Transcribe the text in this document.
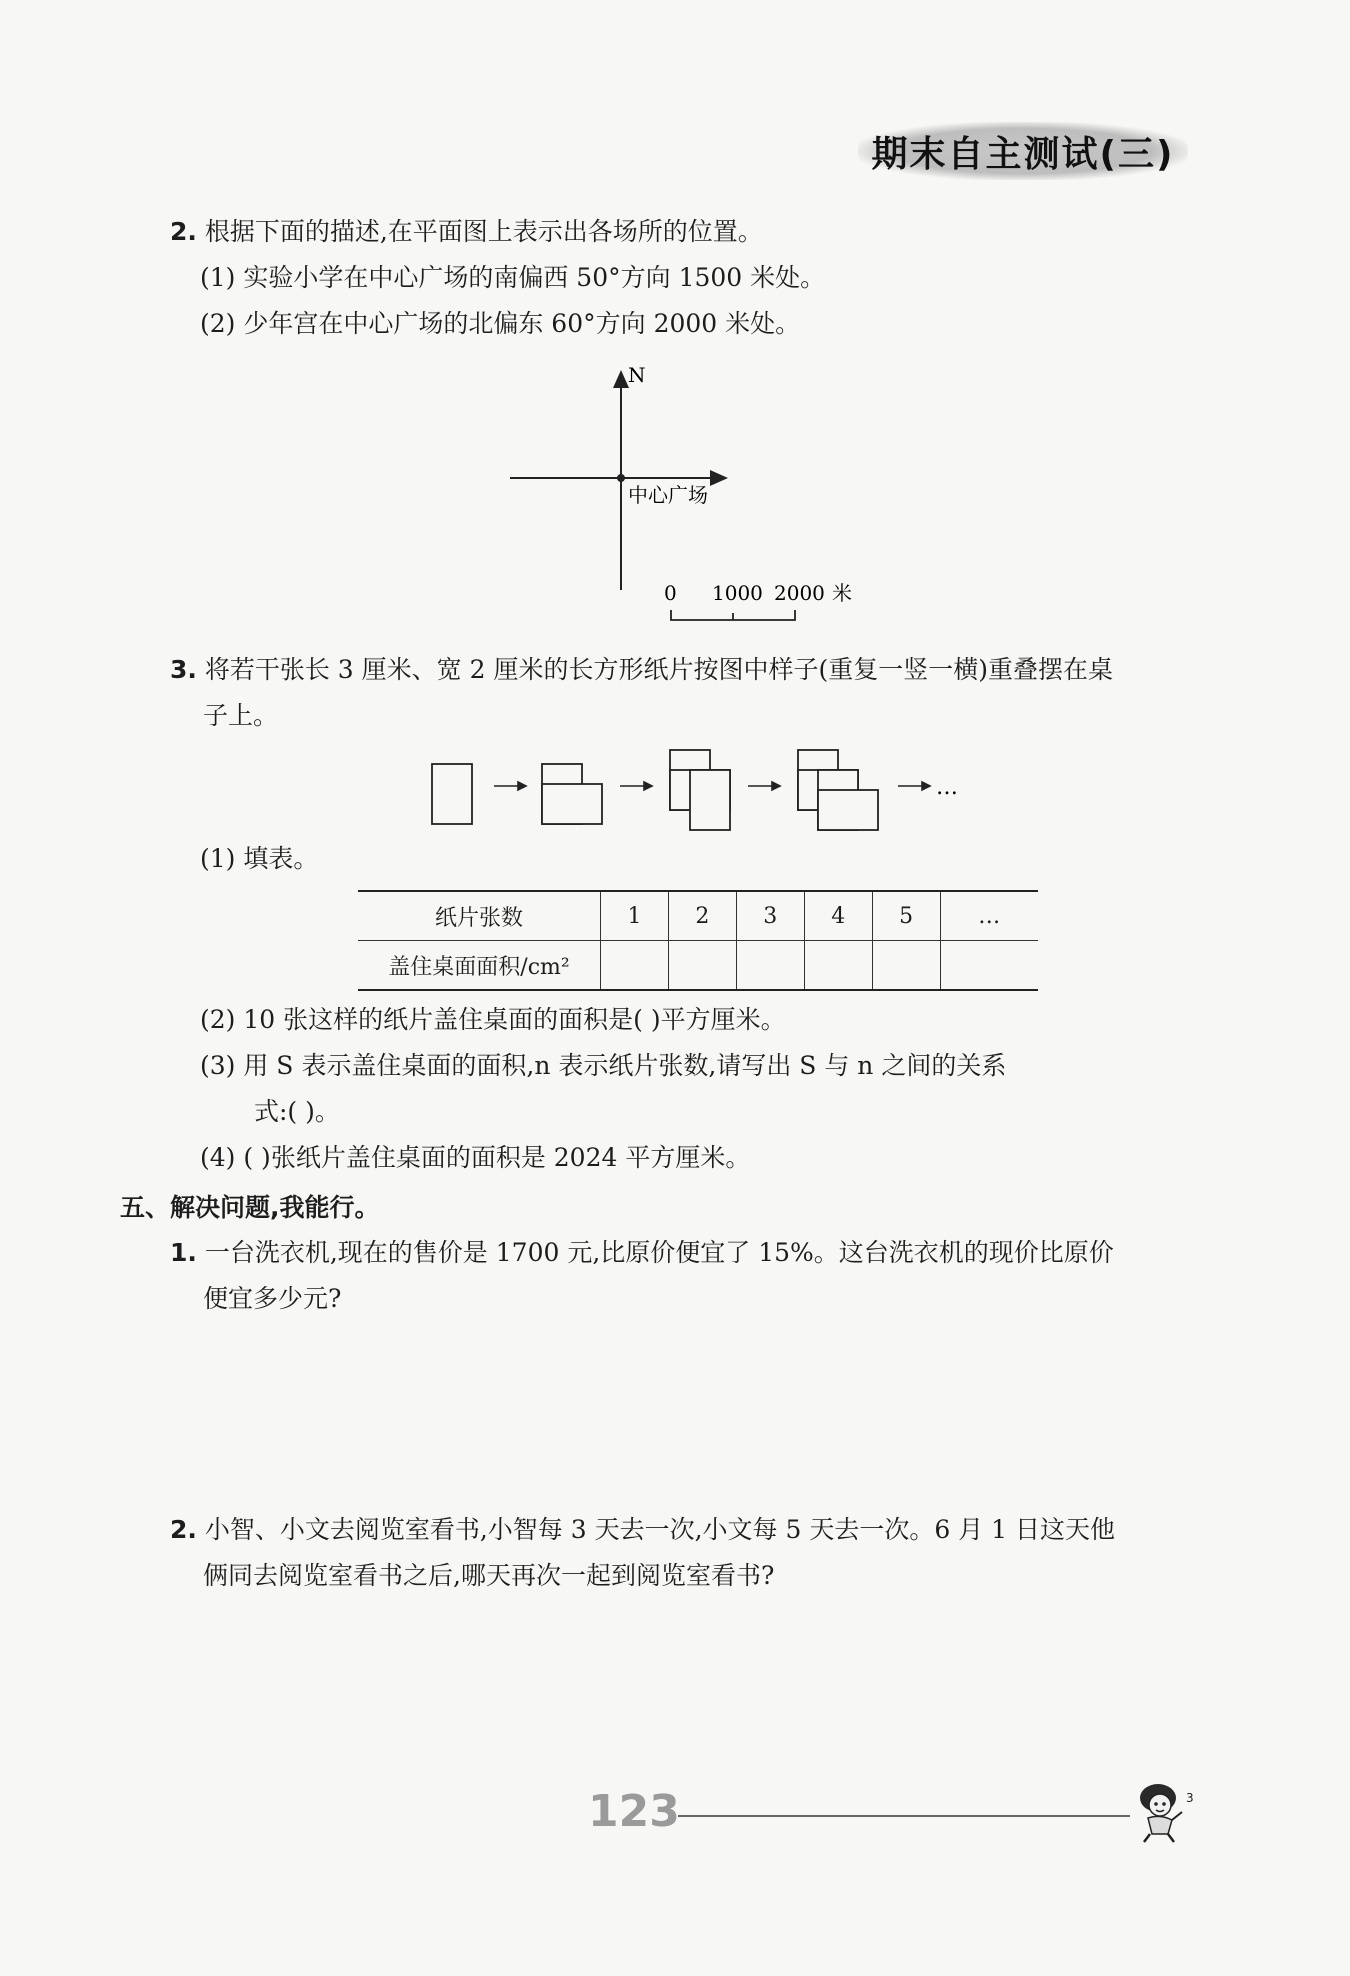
期末自主测试(三)
2. 根据下面的描述,在平面图上表示出各场所的位置。
(1) 实验小学在中心广场的南偏西 50°方向 1500 米处。
(2) 少年宫在中心广场的北偏东 60°方向 2000 米处。
N
中心广场
0 1000 2000 米
3. 将若干张长 3 厘米、宽 2 厘米的长方形纸片按图中样子(重复一竖一横)重叠摆在桌
子上。
…
(1) 填表。
纸片张数	1	2	3	4	5	…
盖住桌面面积/cm²						
(2) 10 张这样的纸片盖住桌面的面积是( )平方厘米。
(3) 用 S 表示盖住桌面的面积,n 表示纸片张数,请写出 S 与 n 之间的关系
式:( )。
(4) ( )张纸片盖住桌面的面积是 2024 平方厘米。
五、解决问题,我能行。
1. 一台洗衣机,现在的售价是 1700 元,比原价便宜了 15%。这台洗衣机的现价比原价
便宜多少元?
2. 小智、小文去阅览室看书,小智每 3 天去一次,小文每 5 天去一次。6 月 1 日这天他
俩同去阅览室看书之后,哪天再次一起到阅览室看书?
123	3
